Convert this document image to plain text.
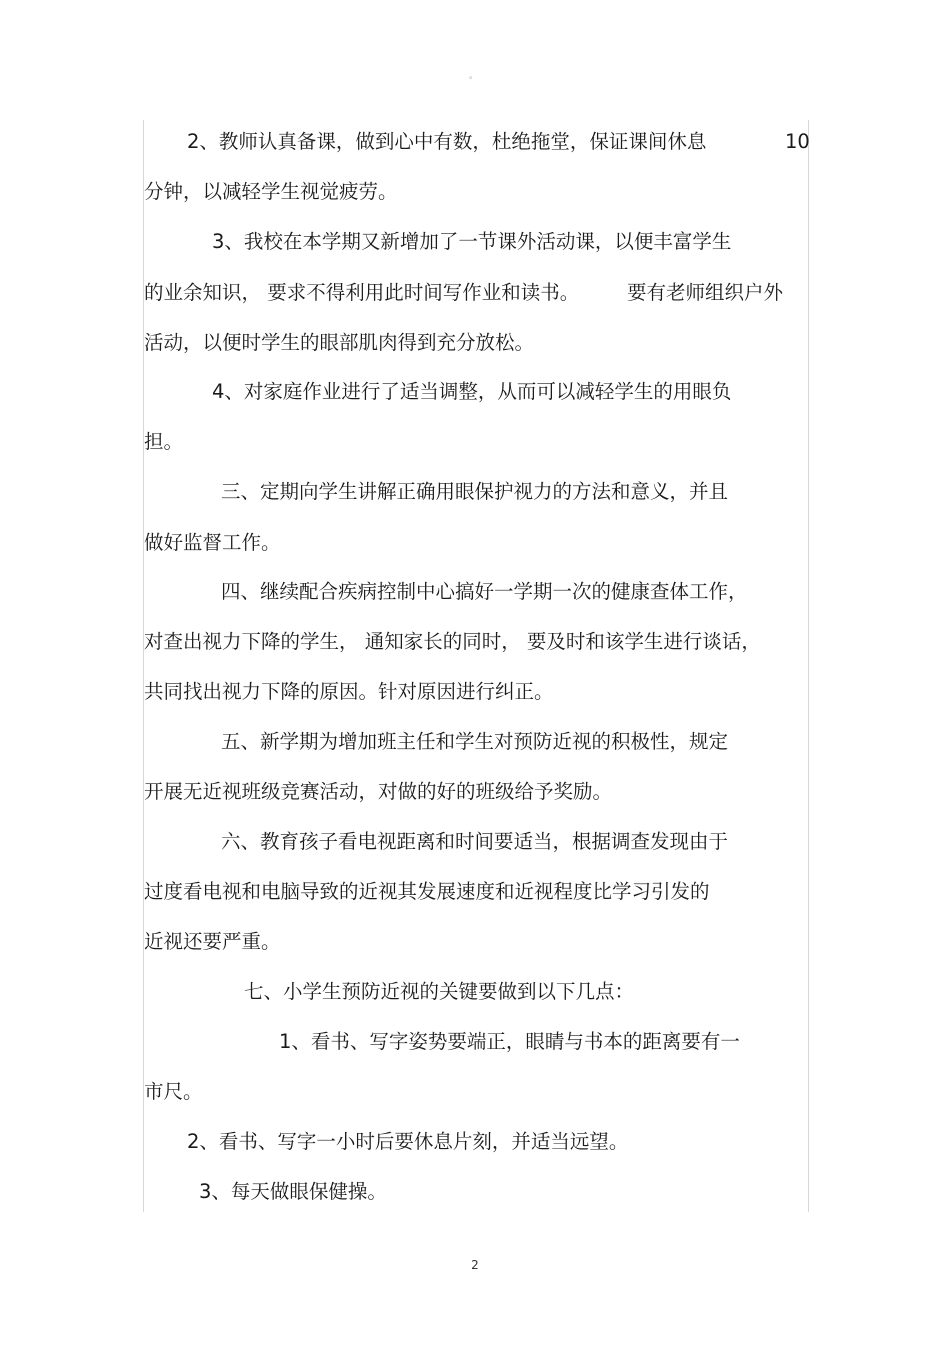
。
2、教师认真备课，做到心中有数，杜绝拖堂，保证课间休息	10
分钟，以减轻学生视觉疲劳。
3、我校在本学期又新增加了一节课外活动课，以便丰富学生
的业余知识， 要求不得利用此时间写作业和读书。	要有老师组织户外
活动，以便时学生的眼部肌肉得到充分放松。
4、对家庭作业进行了适当调整，从而可以减轻学生的用眼负
担。
三、定期向学生讲解正确用眼保护视力的方法和意义，并且
做好监督工作。
四、继续配合疾病控制中心搞好一学期一次的健康查体工作，
对查出视力下降的学生， 通知家长的同时， 要及时和该学生进行谈话，
共同找出视力下降的原因。针对原因进行纠正。
五、新学期为增加班主任和学生对预防近视的积极性，规定
开展无近视班级竞赛活动，对做的好的班级给予奖励。
六、教育孩子看电视距离和时间要适当，根据调查发现由于
过度看电视和电脑导致的近视其发展速度和近视程度比学习引发的
近视还要严重。
七、小学生预防近视的关键要做到以下几点：
1、看书、写字姿势要端正，眼睛与书本的距离要有一
市尺。
2、看书、写字一小时后要休息片刻，并适当远望。
3、每天做眼保健操。
2
